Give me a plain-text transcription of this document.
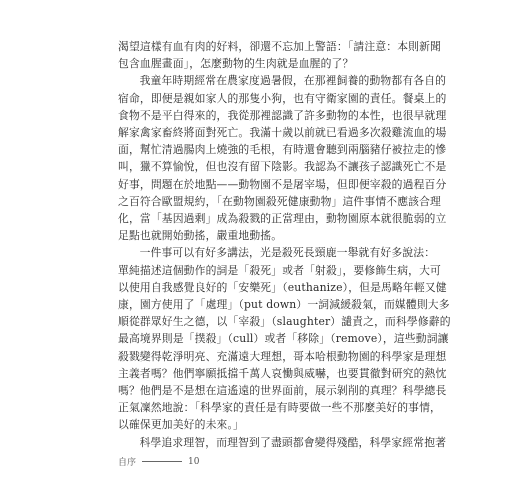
渴望這樣有血有肉的好料，卻還不忘加上警語：「請注意：本則新聞
包含血腥畫面」，怎麼動物的生肉就是血腥的了？

我童年時期經常在農家度過暑假，在那裡飼養的動物都有各自的
宿命，即便是親如家人的那隻小狗，也有守衛家園的責任。餐桌上的
食物不是平白得來的，我從那裡認識了許多動物的本性，也很早就理
解家禽家畜終將面對死亡。我滿十歲以前就已看過多次殺雞流血的場
面，幫忙清過腸肉上燒強的毛根，有時還會聽到兩腦豬仔被拉走的慘
叫，獵不算愉悅，但也沒有留下陰影。我認為不讓孩子認識死亡不是
好事，問題在於地點——動物園不是屠宰場，但即便宰殺的過程百分
之百符合歐盟規約，「在動物園殺死健康動物」這件事情不應該合理
化，當「基因過剩」成為殺戮的正當理由，動物園原本就很脆弱的立
足點也就開始動搖，嚴重地動搖。

一件事可以有好多講法，光是殺死長頸鹿一舉就有好多說法：
單純描述這個動作的詞是「殺死」或者「射殺」，要修飾生病，大可
以使用自我感覺良好的「安樂死」（euthanize），但是馬略年輕又健
康，園方使用了「處理」（put down）一詞減緩殺氣，而媒體則大多
順從群眾好生之德，以「宰殺」（slaughter）譴責之，而科學修辭的
最高境界則是「撲殺」（cull）或者「移除」（remove），這些動詞讓
殺戮變得乾淨明亮、充滿遠大理想，哥本哈根動物園的科學家是理想
主義者嗎？他們寧願抵擋千萬人哀慟與威嚇，也要貫徹對研究的熱忱
嗎？他們是不是想在這遙遠的世界面前，展示剝削的真理？科學總長
正氣凜然地說：「科學家的責任是有時要做一些不那麼美好的事情，
以確保更加美好的未來。」

科學追求理智，而理智到了盡頭都會變得殘酷，科學家經常抱著

自序	10
